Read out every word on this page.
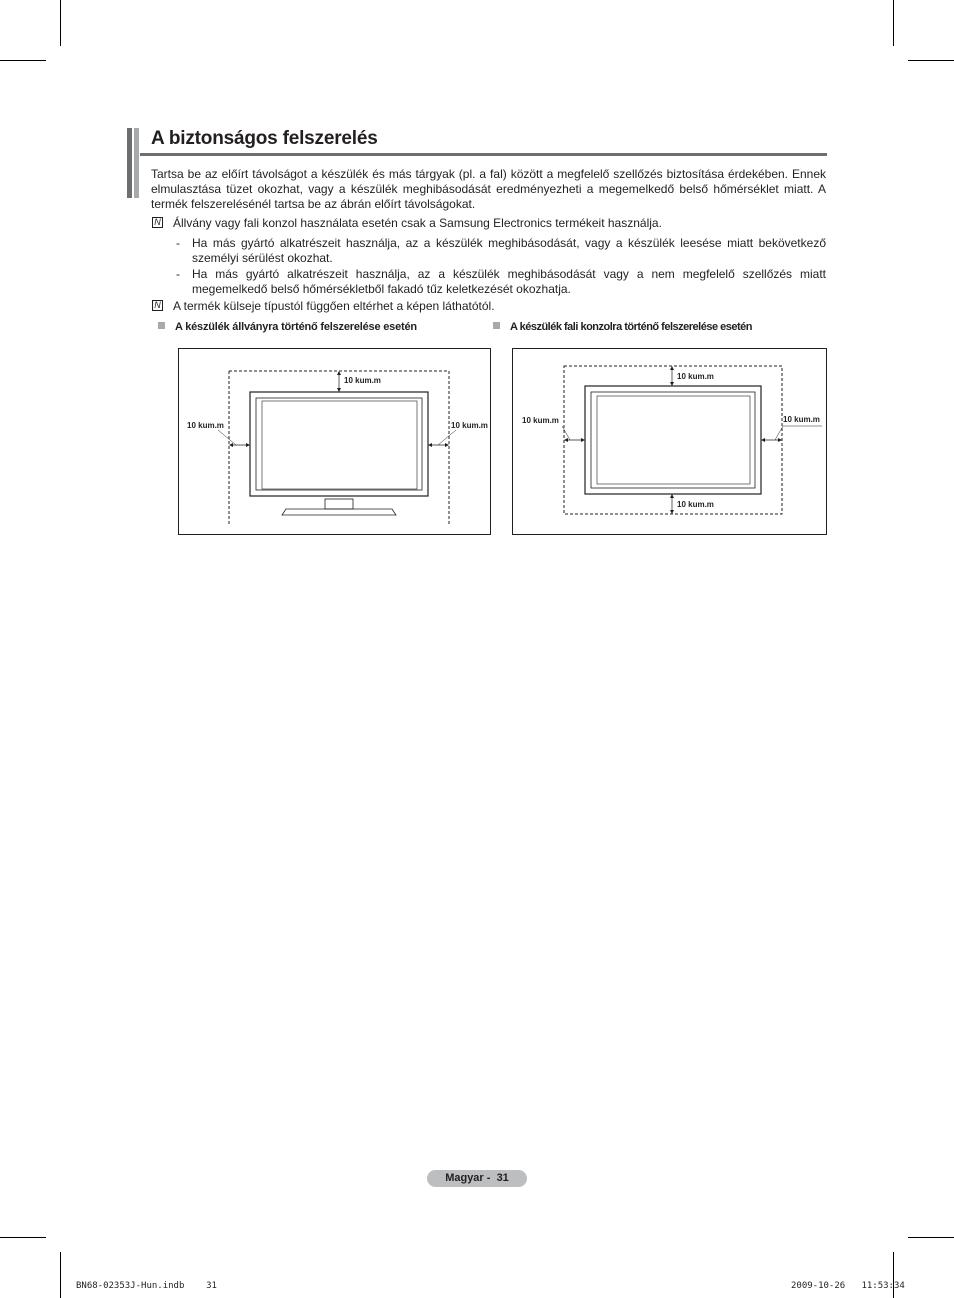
A biztonságos felszerelés

Tartsa be az előírt távolságot a készülék és más tárgyak (pl. a fal) között a megfelelő szellőzés biztosítása érdekében. Ennek elmulasztása tüzet okozhat, vagy a készülék meghibásodását eredményezheti a megemelkedő belső hőmérséklet miatt. A termék felszerelésénél tartsa be az ábrán előírt távolságokat.

N Állvány vagy fali konzol használata esetén csak a Samsung Electronics termékeit használja.

- Ha más gyártó alkatrészeit használja, az a készülék meghibásodását, vagy a készülék leesése miatt bekövetkező személyi sérülést okozhat.
- Ha más gyártó alkatrészeit használja, az a készülék meghibásodását vagy a nem megfelelő szellőzés miatt megemelkedő belső hőmérsékletből fakadó tűz keletkezését okozhatja.

N A termék külseje típustól függően eltérhet a képen láthatótól.

A készülék állványra történő felszerelése esetén	A készülék fali konzolra történő felszerelése esetén
10 kum.m
10 kum.m	10 kum.m
10 kum.m
10 kum.m	10 kum.m
10 kum.m
Magyar -  31
BN68-02353J-Hun.indb 31	2009-10-26 11:53:34
